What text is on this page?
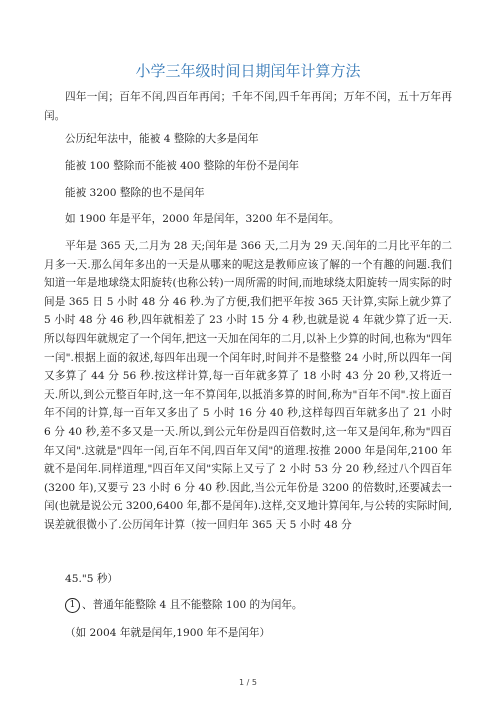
小学三年级时间日期闰年计算方法

四年一闰；百年不闰,四百年再闰；千年不闰,四千年再闰；万年不闰，五十万年再闰。

公历纪年法中，能被 4 整除的大多是闰年

能被 100 整除而不能被 400 整除的年份不是闰年

能被 3200 整除的也不是闰年

如 1900 年是平年，2000 年是闰年，3200 年不是闰年。

平年是 365 天,二月为 28 天;闰年是 366 天,二月为 29 天.闰年的二月比平年的二月多一天.那么闰年多出的一天是从哪来的呢这是教师应该了解的一个有趣的问题.我们知道一年是地球绕太阳旋转(也称公转)一周所需的时间,而地球绕太阳旋转一周实际的时间是 365 日 5 小时 48 分 46 秒.为了方便,我们把平年按 365 天计算,实际上就少算了 5 小时 48 分 46 秒,四年就相差了 23 小时 15 分 4 秒,也就是说 4 年就少算了近一天.所以每四年就规定了一个闰年,把这一天加在闰年的二月,以补上少算的时间,也称为"四年一闰".根据上面的叙述,每四年出现一个闰年时,时间并不是整整 24 小时,所以四年一闰又多算了 44 分 56 秒.按这样计算,每一百年就多算了 18 小时 43 分 20 秒,又将近一天.所以,到公元整百年时,这一年不算闰年,以抵消多算的时间,称为"百年不闰".按上面百年不闰的计算,每一百年又多出了 5 小时 16 分 40 秒,这样每四百年就多出了 21 小时 6 分 40 秒,差不多又是一天.所以,到公元年份是四百倍数时,这一年又是闰年,称为"四百年又闰".这就是"四年一闰,百年不闰,四百年又闰"的道理.按推 2000 年是闰年,2100 年就不是闰年.同样道理,"四百年又闰"实际上又亏了 2 小时 53 分 20 秒,经过八个四百年(3200 年),又要亏 23 小时 6 分 40 秒.因此,当公元年份是 3200 的倍数时,还要减去一闰(也就是说公元 3200,6400 年,都不是闰年).这样,交叉地计算闰年,与公转的实际时间,误差就很微小了.公历闰年计算（按一回归年 365 天 5 小时 48 分

45."5 秒）

1 、普通年能整除 4 且不能整除 100 的为闰年。

（如 2004 年就是闰年,1900 年不是闰年）

1 / 5
